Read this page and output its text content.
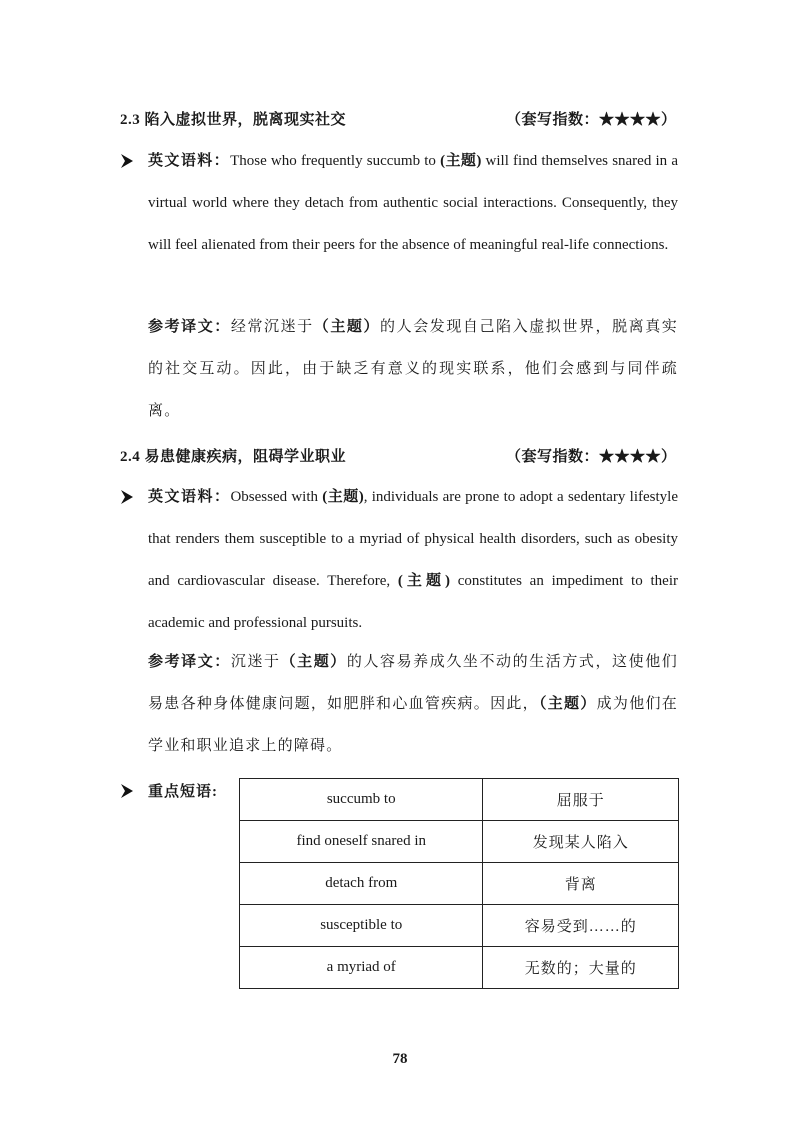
2.3 陷入虚拟世界，脱离现实社交	（套写指数：★★★★）
英文语料：Those who frequently succumb to (主题) will find themselves snared in a virtual world where they detach from authentic social interactions. Consequently, they will feel alienated from their peers for the absence of meaningful real-life connections.
参考译文：经常沉迷于（主题）的人会发现自己陷入虚拟世界，脱离真实的社交互动。因此，由于缺乏有意义的现实联系，他们会感到与同伴疏离。
2.4 易患健康疾病，阻碍学业职业	（套写指数：★★★★）
英文语料：Obsessed with (主题), individuals are prone to adopt a sedentary lifestyle that renders them susceptible to a myriad of physical health disorders, such as obesity and cardiovascular disease. Therefore, (主题) constitutes an impediment to their academic and professional pursuits.
参考译文：沉迷于（主题）的人容易养成久坐不动的生活方式，这使他们易患各种身体健康问题，如肥胖和心血管疾病。因此，（主题）成为他们在学业和职业追求上的障碍。
重点短语:	succumb to	屈服于
find oneself snared in	发现某人陷入
detach from	背离
susceptible to	容易受到……的
a myriad of	无数的；大量的
78
